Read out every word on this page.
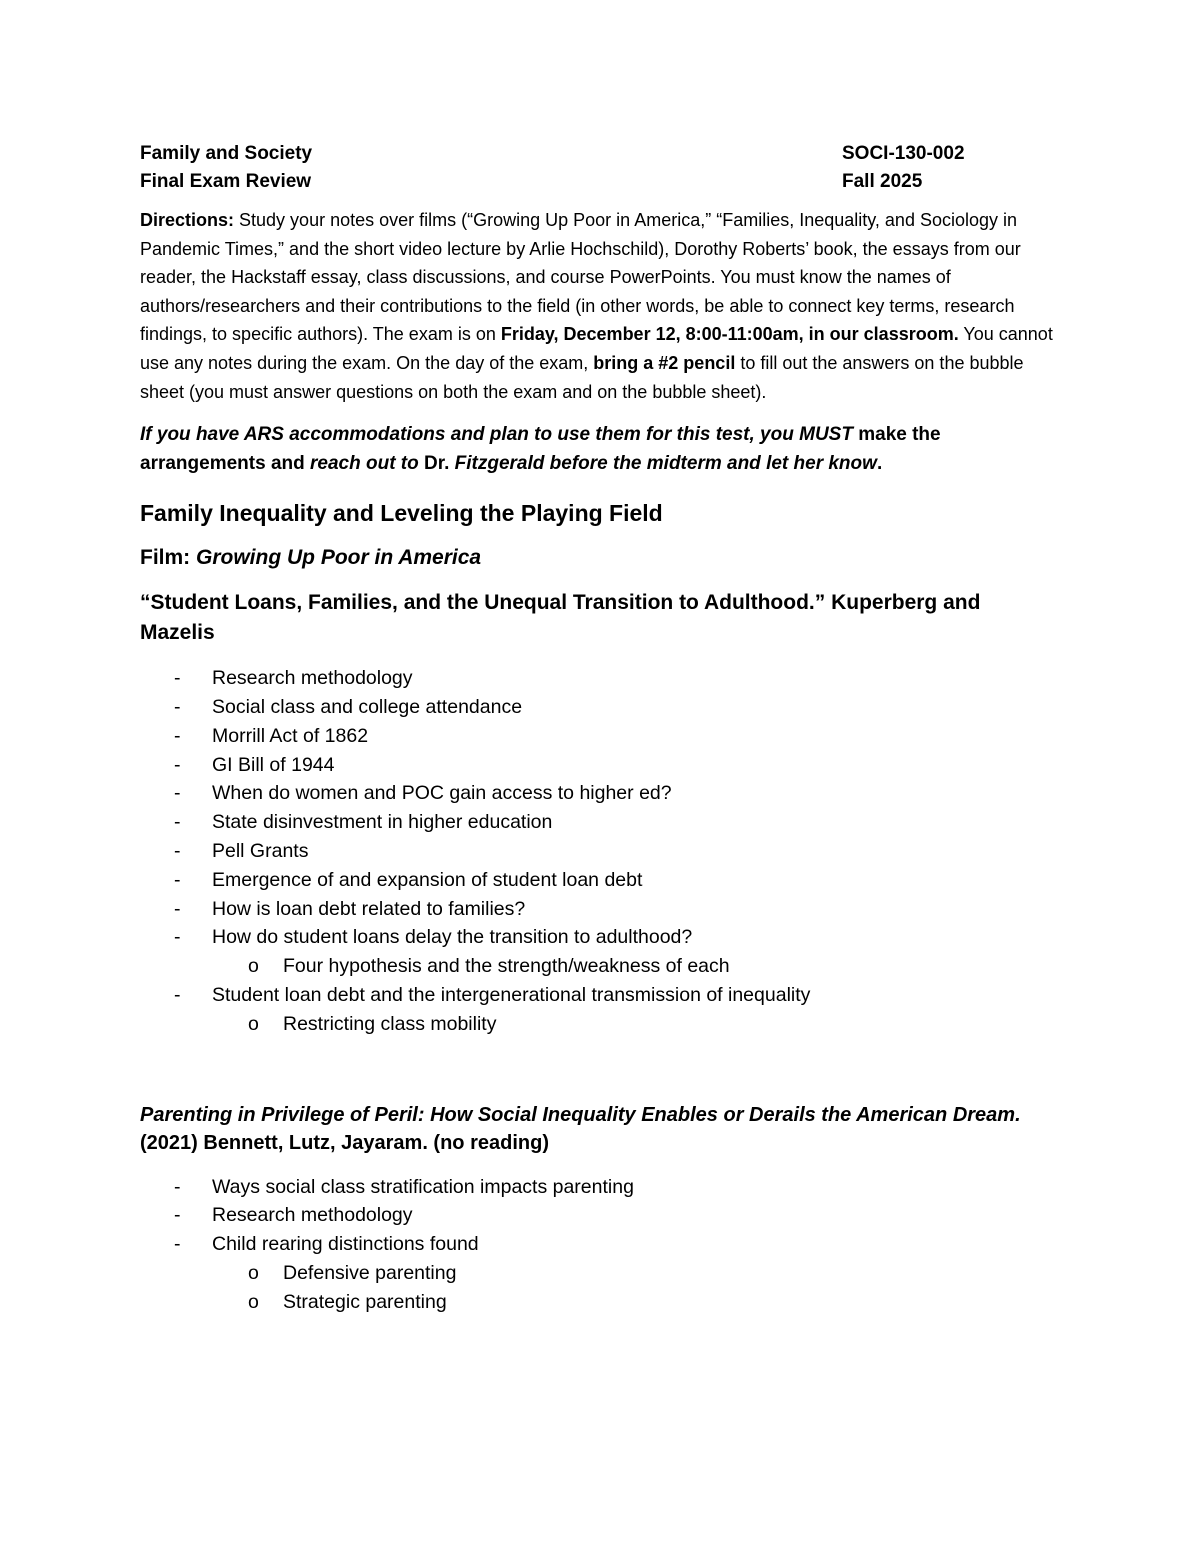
Family and Society	SOCI-130-002
Final Exam Review	Fall 2025

Directions: Study your notes over films (“Growing Up Poor in America,” “Families, Inequality, and Sociology in Pandemic Times,” and the short video lecture by Arlie Hochschild), Dorothy Roberts’ book, the essays from our reader, the Hackstaff essay, class discussions, and course PowerPoints. You must know the names of authors/researchers and their contributions to the field (in other words, be able to connect key terms, research findings, to specific authors). The exam is on Friday, December 12, 8:00-11:00am, in our classroom. You cannot use any notes during the exam. On the day of the exam, bring a #2 pencil to fill out the answers on the bubble sheet (you must answer questions on both the exam and on the bubble sheet).

If you have ARS accommodations and plan to use them for this test, you MUST make the arrangements and reach out to Dr. Fitzgerald before the midterm and let her know.

Family Inequality and Leveling the Playing Field
Film: Growing Up Poor in America
“Student Loans, Families, and the Unequal Transition to Adulthood.” Kuperberg and Mazelis
- Research methodology
- Social class and college attendance
- Morrill Act of 1862
- GI Bill of 1944
- When do women and POC gain access to higher ed?
- State disinvestment in higher education
- Pell Grants
- Emergence of and expansion of student loan debt
- How is loan debt related to families?
- How do student loans delay the transition to adulthood?
o Four hypothesis and the strength/weakness of each
- Student loan debt and the intergenerational transmission of inequality
o Restricting class mobility
Parenting in Privilege of Peril: How Social Inequality Enables or Derails the American Dream. (2021) Bennett, Lutz, Jayaram. (no reading)
- Ways social class stratification impacts parenting
- Research methodology
- Child rearing distinctions found
o Defensive parenting
o Strategic parenting
